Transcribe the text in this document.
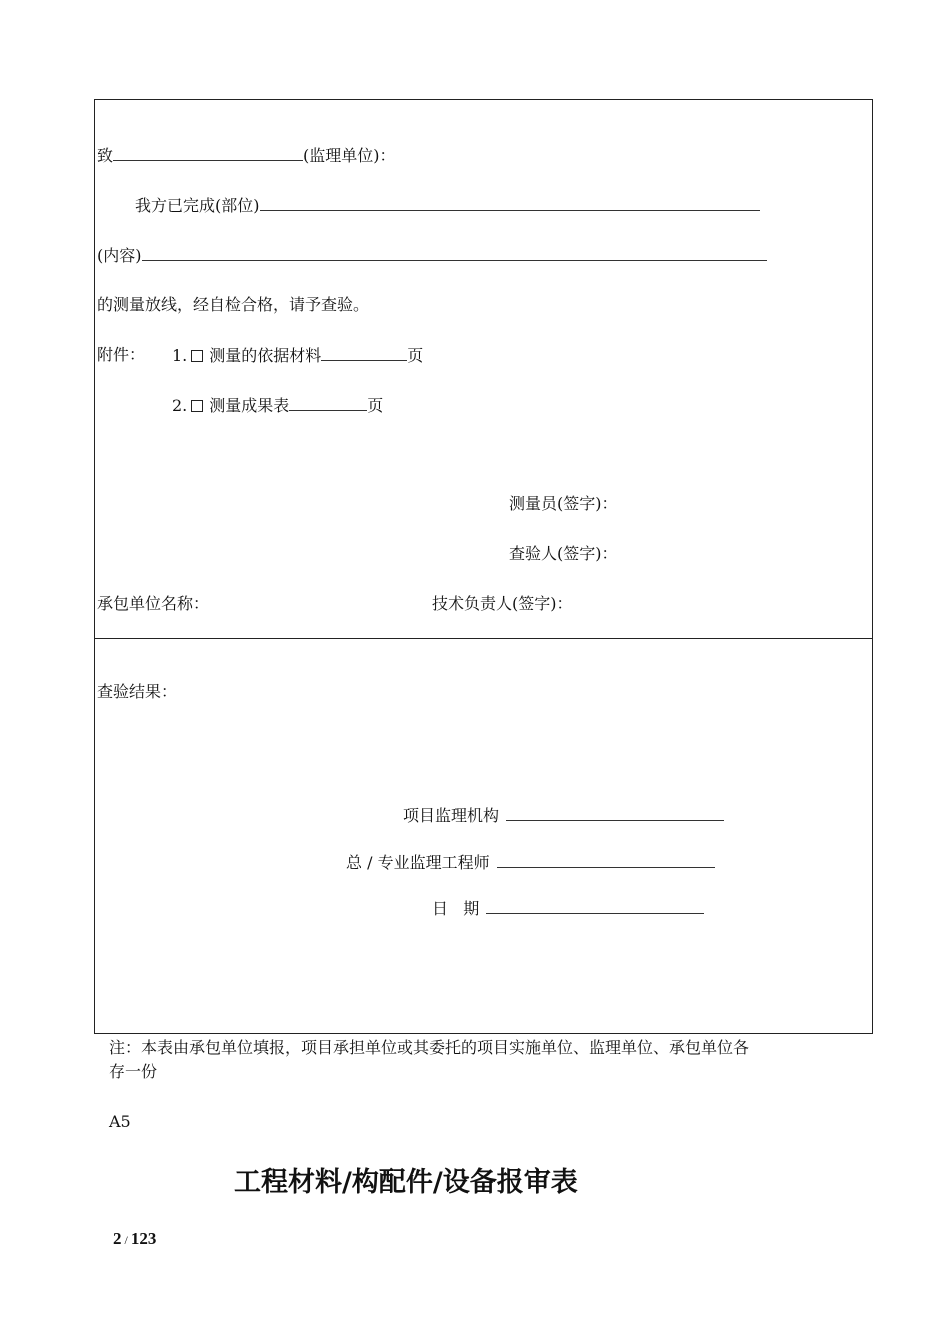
致	(监理单位)：
我方已完成(部位)
(内容)
的测量放线，经自检合格，请予查验。
附件： 1. 测量的依据材料	页
2. 测量成果表	页
测量员(签字)：
查验人(签字)：
承包单位名称：	技术负责人(签字)：
查验结果：
项目监理机构
总 / 专业监理工程师
日   期
注：本表由承包单位填报，项目承担单位或其委托的项目实施单位、监理单位、承包单位各
存一份
A5
工程材料/构配件/设备报审表
2 / 123
